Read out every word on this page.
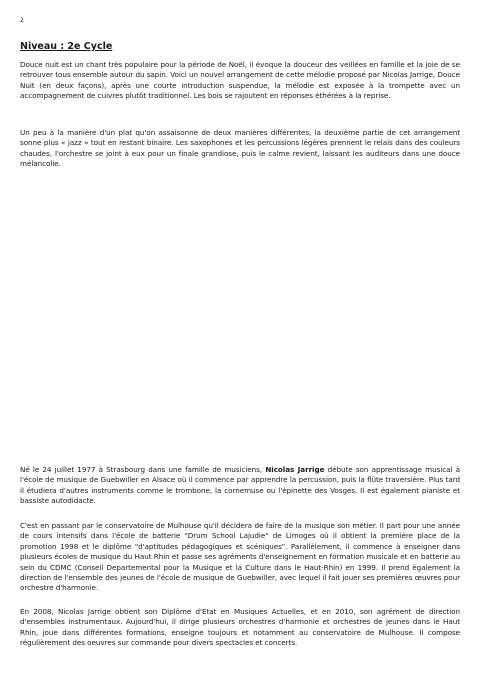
2
Niveau : 2e Cycle

Douce nuit est un chant très populaire pour la période de Noël, il évoque la douceur des veillées en famille et la joie de se retrouver tous ensemble autour du sapin. Voici un nouvel arrangement de cette mélodie proposé par Nicolas Jarrige, Douce Nuit (en deux façons), après une courte introduction suspendue, la mélodie est exposée à la trompette avec un accompagnement de cuivres plutôt traditionnel. Les bois se rajoutent en réponses éthérées à la reprise.

Un peu à la manière d'un plat qu'on assaisonne de deux manières différentes, la deuxième partie de cet arrangement sonne plus « jazz » tout en restant binaire. Les saxophones et les percussions légères prennent le relais dans des couleurs chaudes, l'orchestre se joint à eux pour un finale grandiose, puis le calme revient, laissant les auditeurs dans une douce mélancolie.

Né le 24 juillet 1977 à Strasbourg dans une famille de musiciens, Nicolas Jarrige débute son apprentissage musical à l'école de musique de Guebwiller en Alsace où il commence par apprendre la percussion, puis la flûte traversière. Plus tard il étudiera d'autres instruments comme le trombone, la cornemuse ou l'épinette des Vosges. Il est également pianiste et bassiste autodidacte.

C'est en passant par le conservatoire de Mulhouse qu'il décidera de faire de la musique son métier. Il part pour une année de cours intensifs dans l'école de batterie "Drum School Lajudie" de Limoges où il obtient la première place de la promotion 1998 et le diplôme "d'aptitudes pédagogiques et scéniques". Parallèlement, il commence à enseigner dans plusieurs écoles de musique du Haut Rhin et passe ses agréments d'enseignement en formation musicale et en batterie au sein du CDMC (Conseil Departemental pour la Musique et la Culture dans le Haut-Rhin) en 1999. Il prend également la direction de l'ensemble des jeunes de l'école de musique de Guebwiller, avec lequel il fait jouer ses premières œuvres pour orchestre d'harmonie.

En 2008, Nicolas Jarrige obtient son Diplôme d'Etat en Musiques Actuelles, et en 2010, son agrément de direction d'ensembles instrumentaux. Aujourd'hui, il dirige plusieurs orchestres d'harmonie et orchestres de jeunes dans le Haut Rhin, joue dans différentes formations, enseigne toujours et notamment au conservatoire de Mulhouse. Il compose régulièrement des oeuvres sur commande pour divers spectacles et concerts.
